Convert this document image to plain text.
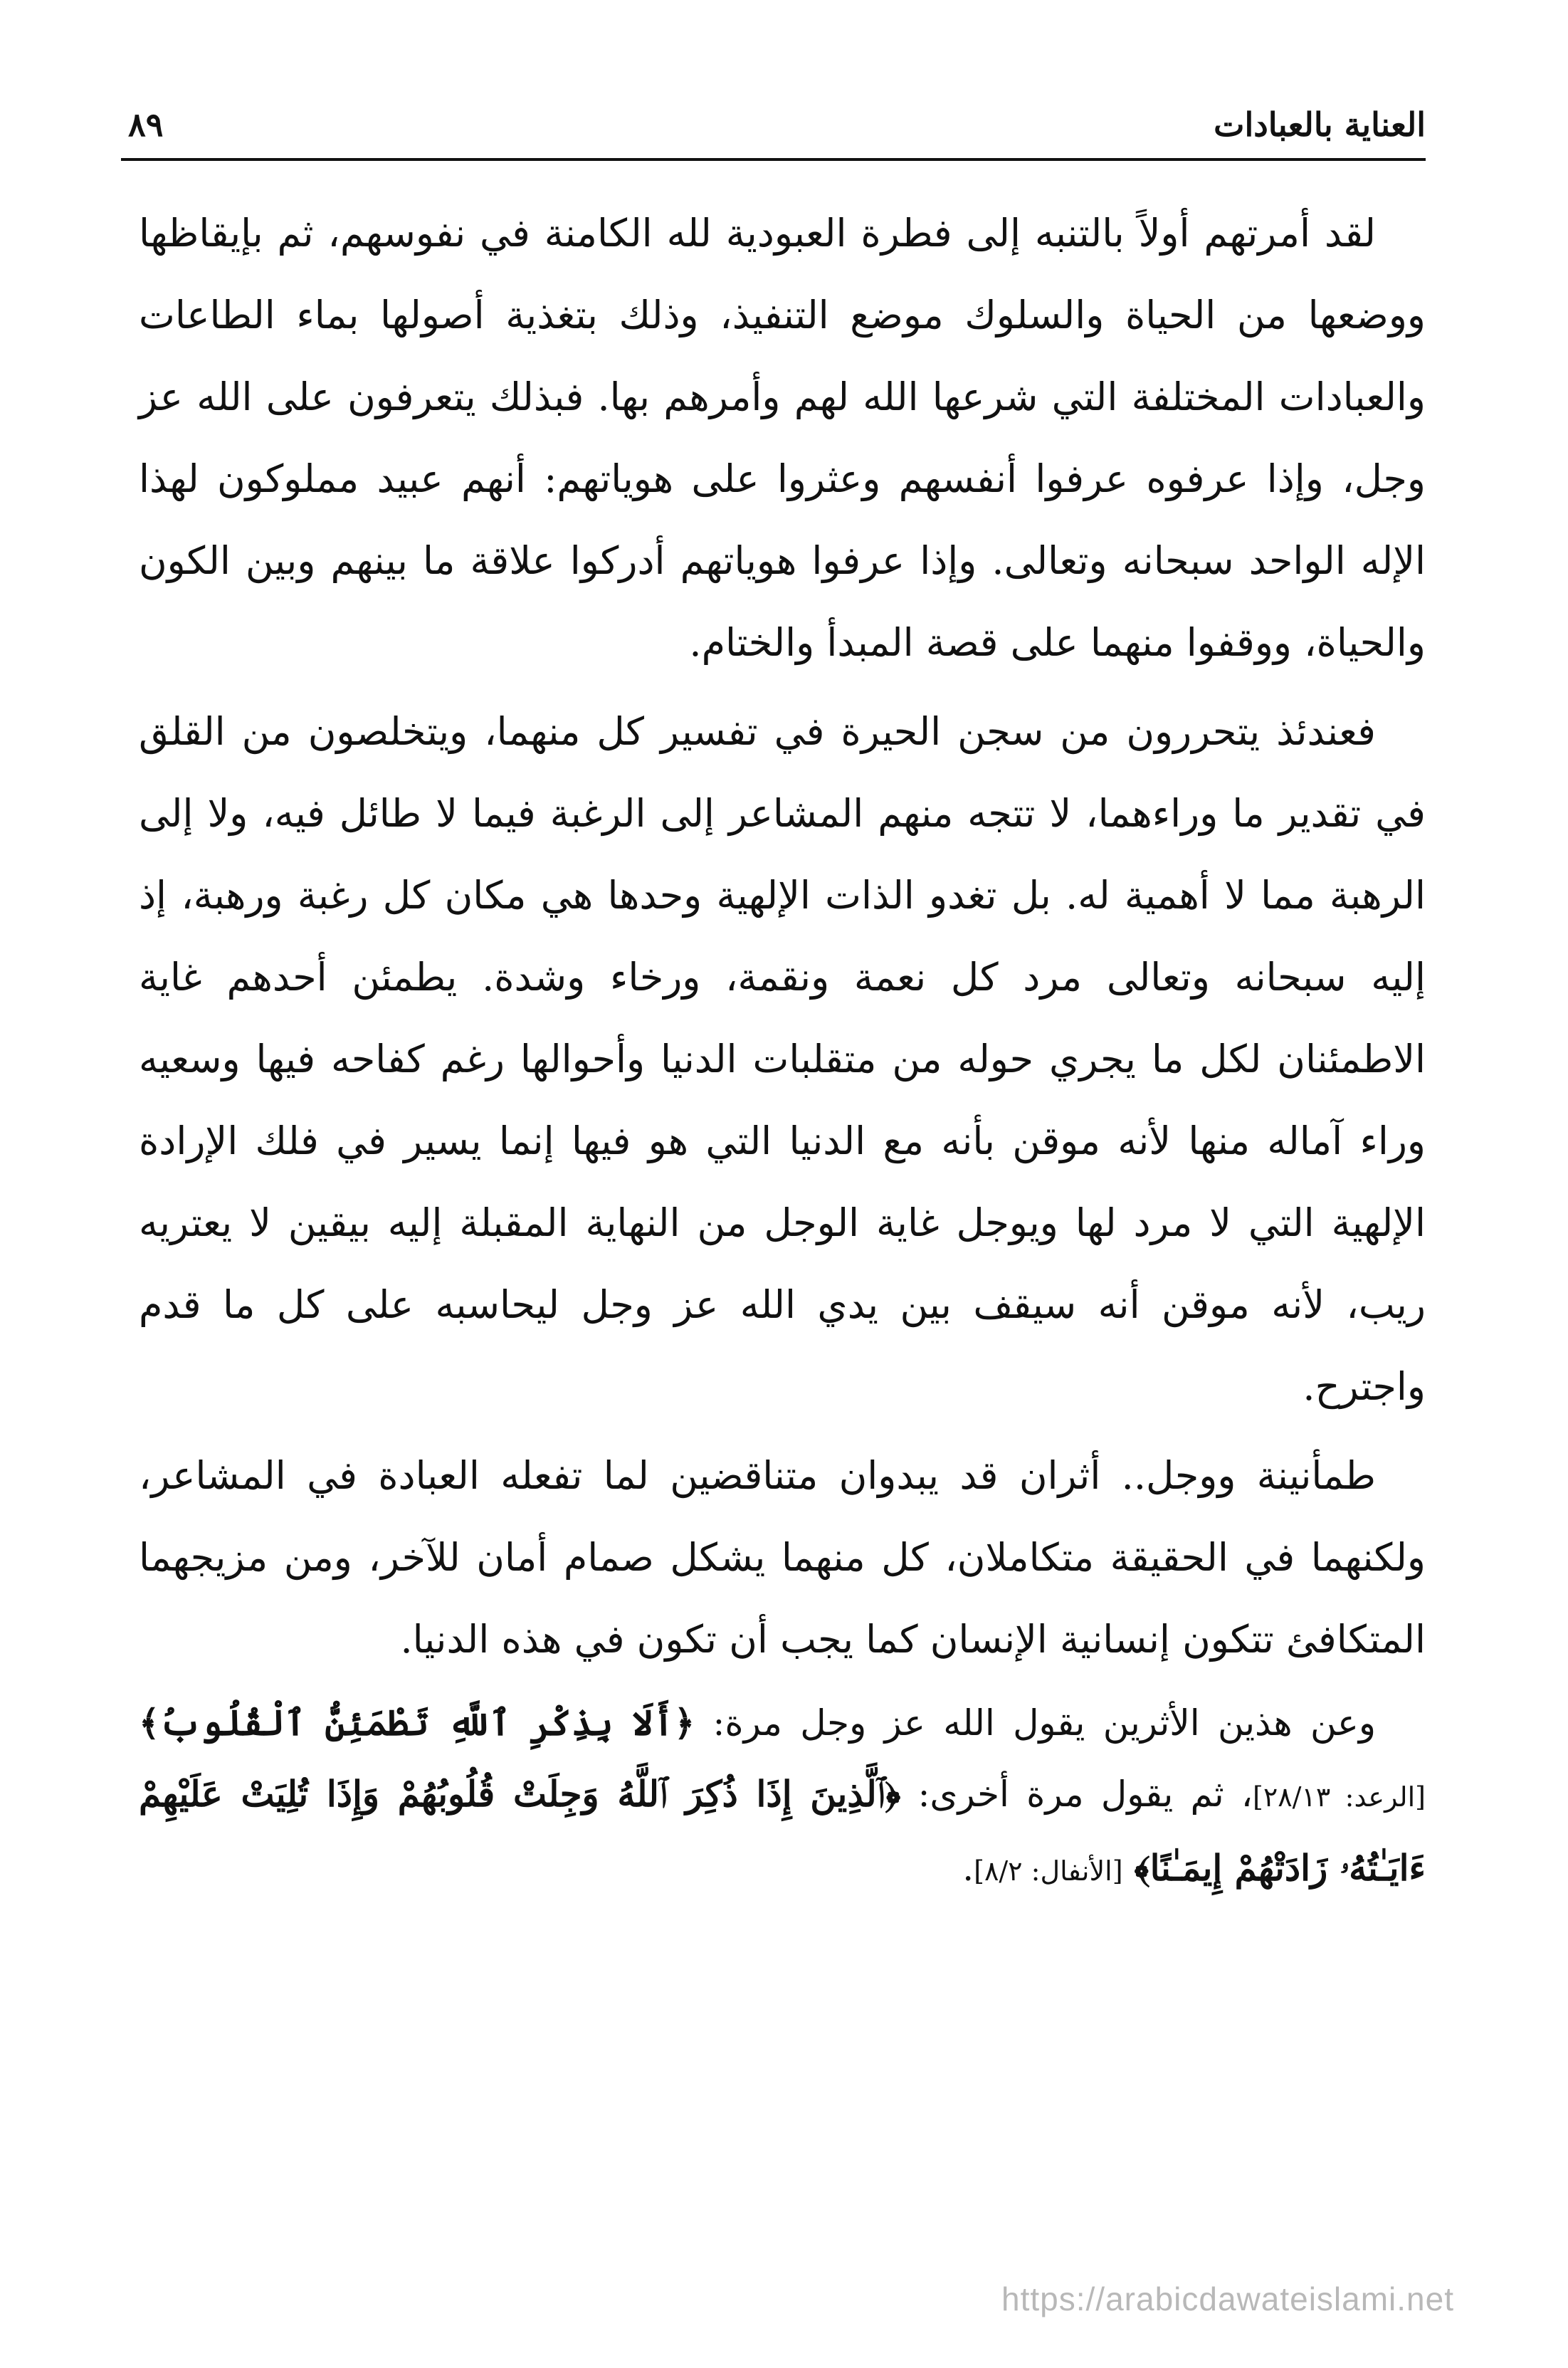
العناية بالعبادات
٨٩

لقد أمرتهم أولاً بالتنبه إلى فطرة العبودية لله الكامنة في نفوسهم، ثم بإيقاظها ووضعها من الحياة والسلوك موضع التنفيذ، وذلك بتغذية أصولها بماء الطاعات والعبادات المختلفة التي شرعها الله لهم وأمرهم بها. فبذلك يتعرفون على الله عز وجل، وإذا عرفوه عرفوا أنفسهم وعثروا على هوياتهم: أنهم عبيد مملوكون لهذا الإله الواحد سبحانه وتعالى. وإذا عرفوا هوياتهم أدركوا علاقة ما بينهم وبين الكون والحياة، ووقفوا منهما على قصة المبدأ والختام.

فعندئذ يتحررون من سجن الحيرة في تفسير كل منهما، ويتخلصون من القلق في تقدير ما وراءهما، لا تتجه منهم المشاعر إلى الرغبة فيما لا طائل فيه، ولا إلى الرهبة مما لا أهمية له. بل تغدو الذات الإلهية وحدها هي مكان كل رغبة ورهبة، إذ إليه سبحانه وتعالى مرد كل نعمة ونقمة، ورخاء وشدة. يطمئن أحدهم غاية الاطمئنان لكل ما يجري حوله من متقلبات الدنيا وأحوالها رغم كفاحه فيها وسعيه وراء آماله منها لأنه موقن بأنه مع الدنيا التي هو فيها إنما يسير في فلك الإرادة الإلهية التي لا مرد لها ويوجل غاية الوجل من النهاية المقبلة إليه بيقين لا يعتريه ريب، لأنه موقن أنه سيقف بين يدي الله عز وجل ليحاسبه على كل ما قدم واجترح.

طمأنينة ووجل.. أثران قد يبدوان متناقضين لما تفعله العبادة في المشاعر، ولكنهما في الحقيقة متكاملان، كل منهما يشكل صمام أمان للآخر، ومن مزيجهما المتكافئ تتكون إنسانية الإنسان كما يجب أن تكون في هذه الدنيا.

وعن هذين الأثرين يقول الله عز وجل مرة: ﴿أَلَا بِذِكْرِ ٱللَّهِ تَطْمَئِنُّ ٱلْقُلُوبُ﴾ [الرعد: ٢٨/١٣]، ثم يقول مرة أخرى: ﴿ٱلَّذِينَ إِذَا ذُكِرَ ٱللَّهُ وَجِلَتْ قُلُوبُهُمْ وَإِذَا تُلِيَتْ عَلَيْهِمْ ءَايَـٰتُهُۥ زَادَتْهُمْ إِيمَـٰنًا﴾ [الأنفال: ٨/٢].

https://arabicdawateislami.net
